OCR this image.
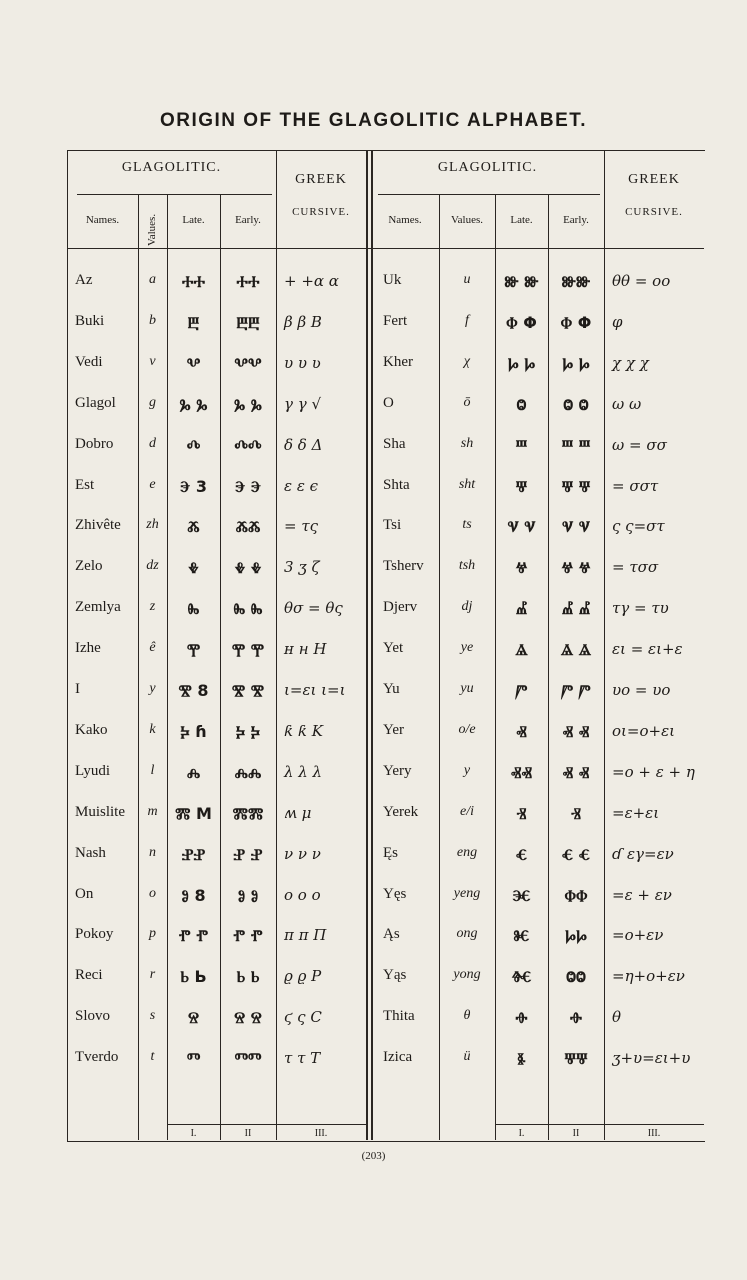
ORIGIN OF THE GLAGOLITIC ALPHABET.
GLAGOLITIC.
GREEK
CURSIVE.
Names.	Values.	Late.	Early.
GLAGOLITIC.
GREEK
CURSIVE.
Names.	Values.	Late.	Early.
Az	a	ⰀⰀ	ⰀⰀ	+ +ɑ α
Buki	b	Ⰱ	ⰁⰁ	β β B
Vedi	v	Ⰲ	ⰂⰂ	υ υ ʋ
Glagol	g	Ⰳ Ⰳ	Ⰳ Ⰳ	γ γ √
Dobro	d	Ⰴ	ⰄⰄ	δ δ Δ
Est	e	Ⰵ 3	Ⰵ Ⰵ	ε ε ϵ
Zhivête	zh	Ⰶ	ⰆⰆ	= τς
Zelo	dz	Ⰷ	Ⰷ Ⰷ	3 ʒ ζ
Zemlya	z	Ⰸ	Ⰸ Ⰸ	θσ = θς
Izhe	ê	Ⰹ	Ⰹ Ⰹ	ʜ н H
I	y	Ⰺ 8	Ⰺ Ⰺ	ι=ει ι=ι
Kako	k	Ⰽ ɦ	Ⰽ Ⰽ	ƙ ƙ K
Lyudi	l	Ⰾ	ⰎⰎ	λ λ λ
Muislite	m	Ⰿ M	ⰏⰏ	ʍ μ
Nash	n	ⰐⰐ	Ⱀ Ⱀ	ν ν ν
On	o	Ⱁ 8	Ⱁ Ⱁ	o o o
Pokoy	p	Ⱂ Ⱂ	Ⱂ Ⱂ	π π Π
Reci	r	Ⱃ Ь	Ⱃ Ⱃ	ϱ ϱ P
Slovo	s	Ⱄ	Ⱄ Ⱄ	ϛ ς C
Tverdo	t	Ⱅ	ⰕⰕ	τ τ T
Uk	u	Ⱆ Ⱆ	ⰖⰖ	θθ = oo
Fert	f	Ⱇ Φ	Ⱇ Φ	φ
Kher	χ	Ⱈ Ⱈ	Ⱈ Ⱈ	χ χ χ
O	ō	Ⱉ	Ⱉ Ⱉ	ω ω
Sha	sh	Ⱎ	Ⱎ Ⱎ	ω = σσ
Shta	sht	Ⱋ	Ⱋ Ⱋ	= σστ
Tsi	ts	Ⱌ Ⱌ	Ⱌ Ⱌ	ς ς=στ
Tsherv	tsh	Ⱍ	Ⱍ Ⱍ	= τσσ
Djerv	dj	Ⰼ	Ⰼ Ⰼ	τγ = τυ
Yet	ye	Ⱑ	Ⱑ Ⱑ	ει = ει+ε
Yu	yu	Ⱓ	Ⱓ Ⱓ	υο = υο
Yer	o/e	Ⱏ	Ⱏ Ⱏ	oι=o+ει
Yery	y	ⰟⰟ	Ⱏ Ⱏ	=o + ε + η
Yerek	e/i	Ⱐ	Ⱐ	=ε+ει
Ęs	eng	Ⱔ	Ⱔ Ⱔ	ɗ εγ=εν
Yęs	yeng	Ⱗ	ⰗⰗ	=ε + εν
Ąs	ong	Ⱘ	ⰘⰘ	=o+εν
Yąs	yong	Ⱙ	ⰙⰙ	=η+o+εν
Thita	θ	Ⱚ	Ⱚ	θ
Izica	ü	Ⱛ	ⰛⰛ	ʒ+υ=ει+υ
I.	II	III.	I.	II	III.
(203)
